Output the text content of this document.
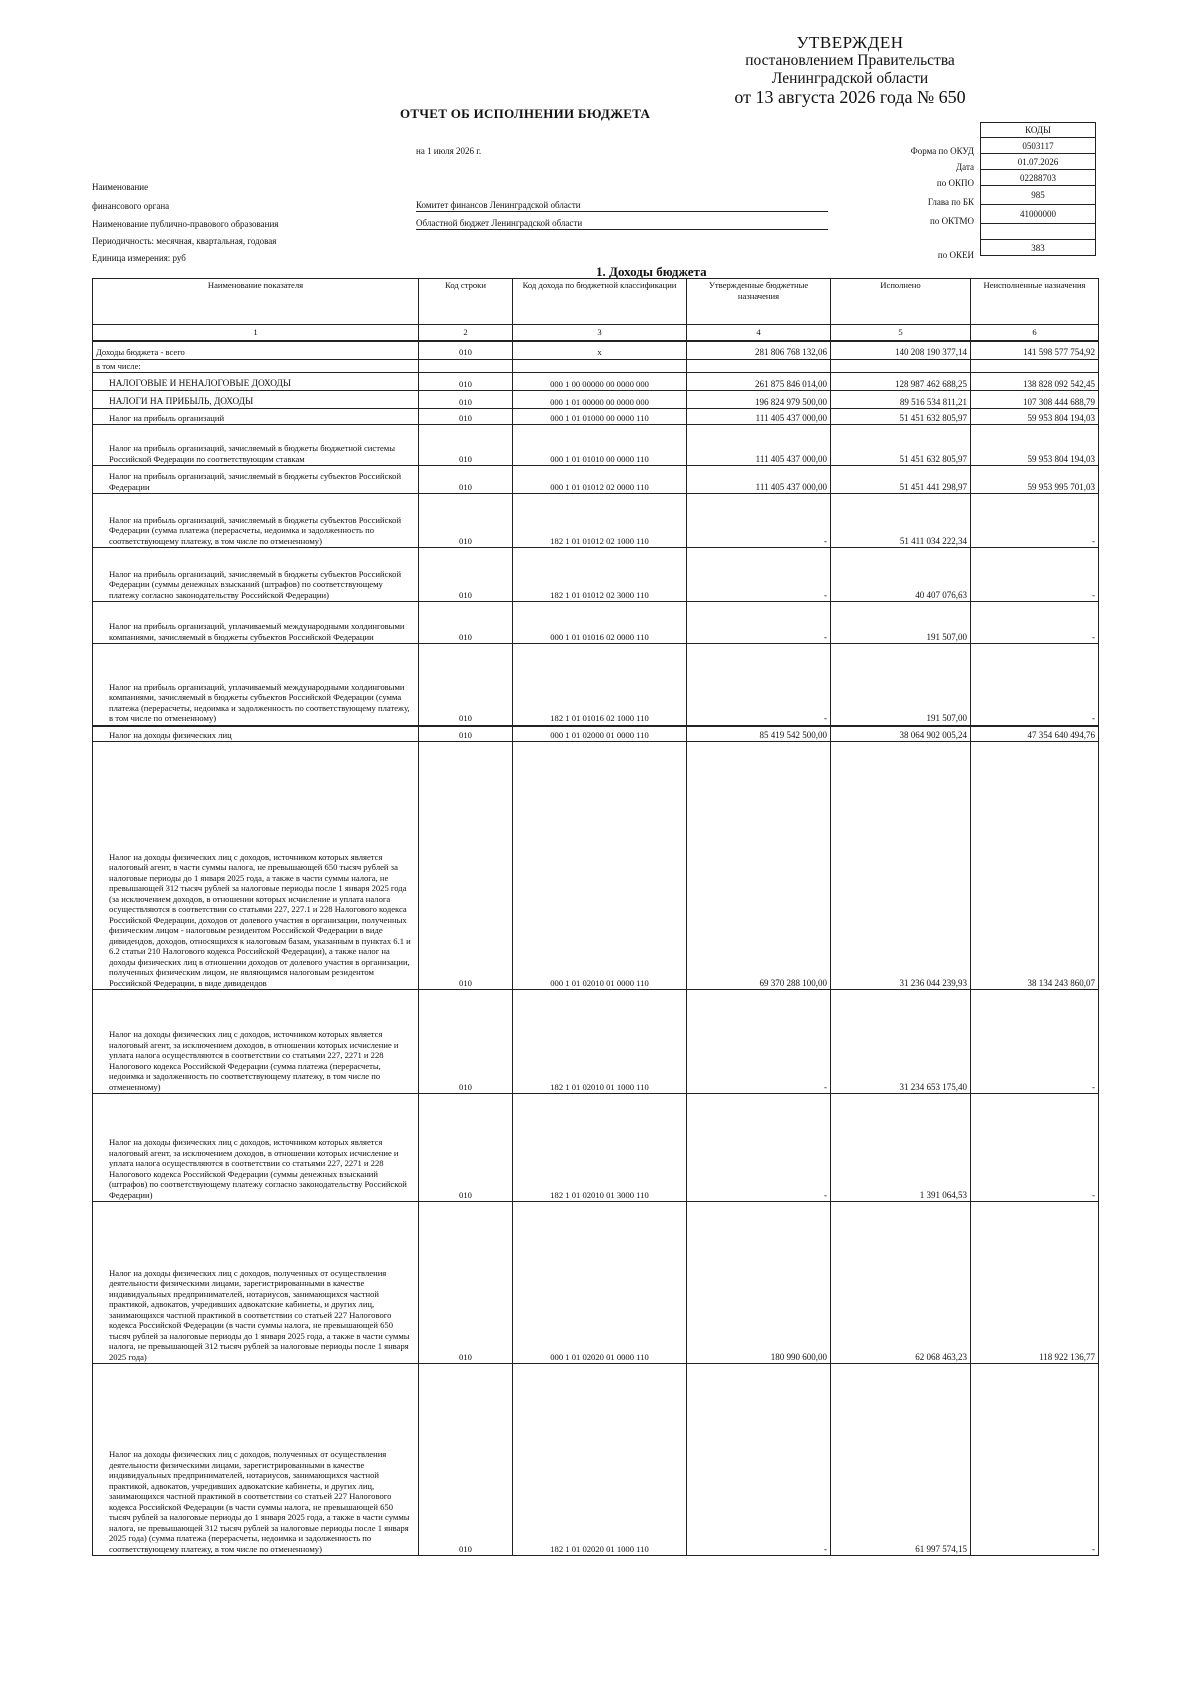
УТВЕРЖДЕН
постановлением Правительства
Ленинградской области
от 13 августа 2026 года № 650
ОТЧЕТ ОБ ИСПОЛНЕНИИ БЮДЖЕТА
на 1 июля 2026 г.
Наименование
финансового органа
Наименование публично-правового образования
Периодичность: месячная, квартальная, годовая
Единица измерения: руб
Комитет финансов Ленинградской области
Областной бюджет Ленинградской области
Форма по ОКУД
Дата
по ОКПО
Глава по БК
по ОКТМО
по ОКЕИ
КОДЫ
0503117
01.07.2026
02288703
985
41000000

383
1. Доходы бюджета
Наименование показателя	Код строки	Код дохода по бюджетной классификации	Утвержденные бюджетные назначения	Исполнено	Неисполненные назначения
1	2	3	4	5	6
Доходы бюджета - всего	010	x	281 806 768 132,06	140 208 190 377,14	141 598 577 754,92
в том числе:					
НАЛОГОВЫЕ И НЕНАЛОГОВЫЕ ДОХОДЫ	010	000 1 00 00000 00 0000 000	261 875 846 014,00	128 987 462 688,25	138 828 092 542,45
НАЛОГИ НА ПРИБЫЛЬ, ДОХОДЫ	010	000 1 01 00000 00 0000 000	196 824 979 500,00	89 516 534 811,21	107 308 444 688,79
Налог на прибыль организаций	010	000 1 01 01000 00 0000 110	111 405 437 000,00	51 451 632 805,97	59 953 804 194,03
Налог на прибыль организаций, зачисляемый в бюджеты бюджетной системы Российской Федерации по соответствующим ставкам	010	000 1 01 01010 00 0000 110	111 405 437 000,00	51 451 632 805,97	59 953 804 194,03
Налог на прибыль организаций, зачисляемый в бюджеты субъектов Российской Федерации	010	000 1 01 01012 02 0000 110	111 405 437 000,00	51 451 441 298,97	59 953 995 701,03
Налог на прибыль организаций, зачисляемый в бюджеты субъектов Российской Федерации (сумма платежа (перерасчеты, недоимка и задолженность по соответствующему платежу, в том числе по отмененному)	010	182 1 01 01012 02 1000 110	-	51 411 034 222,34	-
Налог на прибыль организаций, зачисляемый в бюджеты субъектов Российской Федерации (суммы денежных взысканий (штрафов) по соответствующему платежу согласно законодательству Российской Федерации)	010	182 1 01 01012 02 3000 110	-	40 407 076,63	-
Налог на прибыль организаций, уплачиваемый международными холдинговыми компаниями, зачисляемый в бюджеты субъектов Российской Федерации	010	000 1 01 01016 02 0000 110	-	191 507,00	-
Налог на прибыль организаций, уплачиваемый международными холдинговыми компаниями, зачисляемый в бюджеты субъектов Российской Федерации (сумма платежа (перерасчеты, недоимка и задолженность по соответствующему платежу, в том числе по отмененному)	010	182 1 01 01016 02 1000 110	-	191 507,00	-
Налог на доходы физических лиц	010	000 1 01 02000 01 0000 110	85 419 542 500,00	38 064 902 005,24	47 354 640 494,76
Налог на доходы физических лиц с доходов, источником которых является налоговый агент, в части суммы налога, не превышающей 650 тысяч рублей за налоговые периоды до 1 января 2025 года, а также в части суммы налога, не превышающей 312 тысяч рублей за налоговые периоды после 1 января 2025 года (за исключением доходов, в отношении которых исчисление и уплата налога осуществляются в соответствии со статьями 227, 227.1 и 228 Налогового кодекса Российской Федерации, доходов от долевого участия в организации, полученных физическим лицом - налоговым резидентом Российской Федерации в виде дивидендов, доходов, относящихся к налоговым базам, указанным в пунктах 6.1 и 6.2 статьи 210 Налогового кодекса Российской Федерации), а также налог на доходы физических лиц в отношении доходов от долевого участия в организации, полученных физическим лицом, не являющимся налоговым резидентом Российской Федерации, в виде дивидендов	010	000 1 01 02010 01 0000 110	69 370 288 100,00	31 236 044 239,93	38 134 243 860,07
Налог на доходы физических лиц с доходов, источником которых является налоговый агент, за исключением доходов, в отношении которых исчисление и уплата налога осуществляются в соответствии со статьями 227, 2271 и 228 Налогового кодекса Российской Федерации (сумма платежа (перерасчеты, недоимка и задолженность по соответствующему платежу, в том числе по отмененному)	010	182 1 01 02010 01 1000 110	-	31 234 653 175,40	-
Налог на доходы физических лиц с доходов, источником которых является налоговый агент, за исключением доходов, в отношении которых исчисление и уплата налога осуществляются в соответствии со статьями 227, 2271 и 228 Налогового кодекса Российской Федерации (суммы денежных взысканий (штрафов) по соответствующему платежу согласно законодательству Российской Федерации)	010	182 1 01 02010 01 3000 110	-	1 391 064,53	-
Налог на доходы физических лиц с доходов, полученных от осуществления деятельности физическими лицами, зарегистрированными в качестве индивидуальных предпринимателей, нотариусов, занимающихся частной практикой, адвокатов, учредивших адвокатские кабинеты, и других лиц, занимающихся частной практикой в соответствии со статьей 227 Налогового кодекса Российской Федерации (в части суммы налога, не превышающей 650 тысяч рублей за налоговые периоды до 1 января 2025 года, а также в части суммы налога, не превышающей 312 тысяч рублей за налоговые периоды после 1 января 2025 года)	010	000 1 01 02020 01 0000 110	180 990 600,00	62 068 463,23	118 922 136,77
Налог на доходы физических лиц с доходов, полученных от осуществления деятельности физическими лицами, зарегистрированными в качестве индивидуальных предпринимателей, нотариусов, занимающихся частной практикой, адвокатов, учредивших адвокатские кабинеты, и других лиц, занимающихся частной практикой в соответствии со статьей 227 Налогового кодекса Российской Федерации (в части суммы налога, не превышающей 650 тысяч рублей за налоговые периоды до 1 января 2025 года, а также в части суммы налога, не превышающей 312 тысяч рублей за налоговые периоды после 1 января 2025 года) (сумма платежа (перерасчеты, недоимка и задолженность по соответствующему платежу, в том числе по отмененному)	010	182 1 01 02020 01 1000 110	-	61 997 574,15	-
